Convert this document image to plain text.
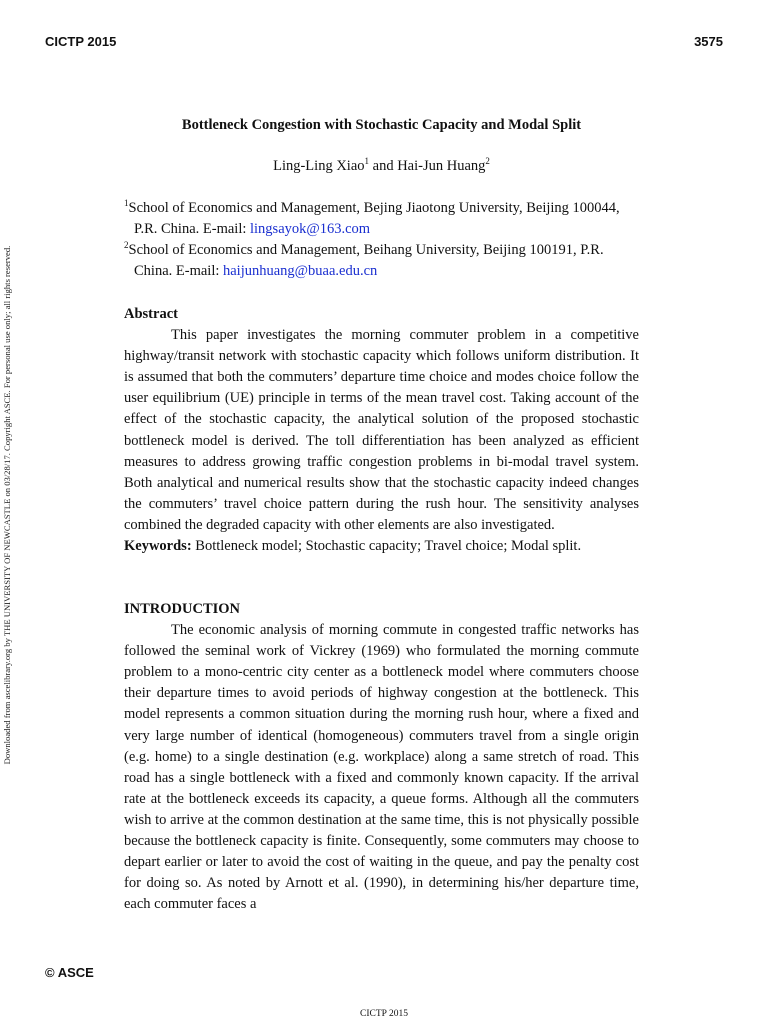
CICTP 2015	3575
Downloaded from ascelibrary.org by THE UNIVERSITY OF NEWCASTLE on 03/28/17. Copyright ASCE. For personal use only; all rights reserved.
Bottleneck Congestion with Stochastic Capacity and Modal Split
Ling-Ling Xiao$^1$ and Hai-Jun Huang$^2$
$^1$School of Economics and Management, Bejing Jiaotong University, Beijing 100044,
P.R. China. E-mail: lingsayok@163.com
$^2$School of Economics and Management, Beihang University, Beijing 100191, P.R.
China. E-mail: haijunhuang@buaa.edu.cn
Abstract
This paper investigates the morning commuter problem in a competitive highway/transit network with stochastic capacity which follows uniform distribution. It is assumed that both the commuters’ departure time choice and modes choice follow the user equilibrium (UE) principle in terms of the mean travel cost. Taking account of the effect of the stochastic capacity, the analytical solution of the proposed stochastic bottleneck model is derived. The toll differentiation has been analyzed as efficient measures to address growing traffic congestion problems in bi-modal travel system. Both analytical and numerical results show that the stochastic capacity indeed changes the commuters’ travel choice pattern during the rush hour. The sensitivity analyses combined the degraded capacity with other elements are also investigated.
Keywords: Bottleneck model; Stochastic capacity; Travel choice; Modal split.
INTRODUCTION
The economic analysis of morning commute in congested traffic networks has followed the seminal work of Vickrey (1969) who formulated the morning commute problem to a mono-centric city center as a bottleneck model where commuters choose their departure times to avoid periods of highway congestion at the bottleneck. This model represents a common situation during the morning rush hour, where a fixed and very large number of identical (homogeneous) commuters travel from a single origin (e.g. home) to a single destination (e.g. workplace) along a same stretch of road. This road has a single bottleneck with a fixed and commonly known capacity. If the arrival rate at the bottleneck exceeds its capacity, a queue forms. Although all the commuters wish to arrive at the common destination at the same time, this is not physically possible because the bottleneck capacity is finite. Consequently, some commuters may choose to depart earlier or later to avoid the cost of waiting in the queue, and pay the penalty cost for doing so. As noted by Arnott et al. (1990), in determining his/her departure time, each commuter faces a
© ASCE
CICTP 2015
